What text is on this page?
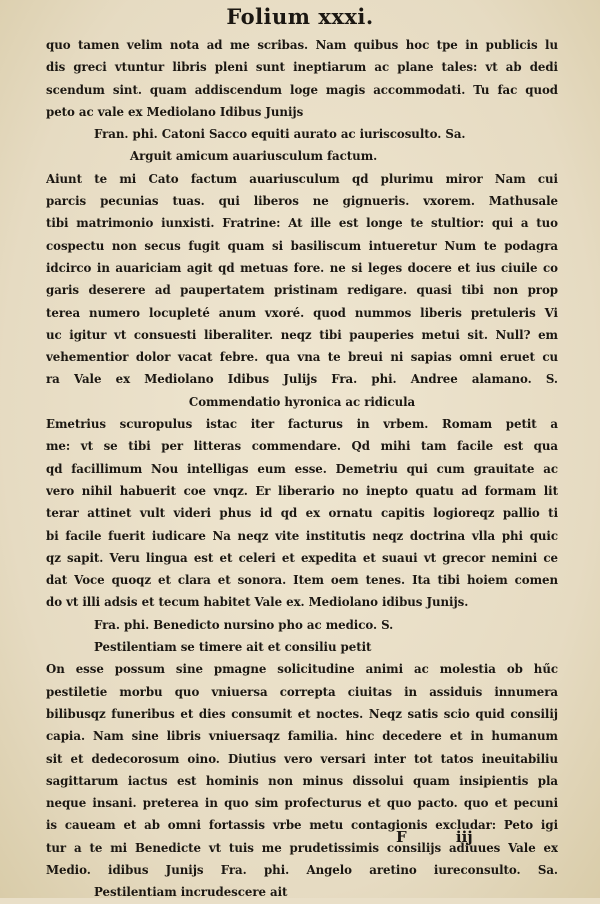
Folium xxxi.
quo tamen velim nota ad me scribas. Nam quibus hoc tpe in publicis lu
dis greci vtuntur libris pleni sunt ineptiarum ac plane tales: vt ab dedi
scendum sint. quam addiscendum loge magis accommodati. Tu fac quod
peto ac vale ex Mediolano Idibus Junijs
Fran. phi. Catoni Sacco equiti aurato ac iuriscosulto. Sa.
Arguit amicum auariusculum factum.
Aiunt te mi Cato factum auariusculum qd plurimu miror Nam cui
parcis pecunias tuas. qui liberos ne gignueris. vxorem. Mathusale
tibi matrimonio iunxisti. Fratrine: At ille est longe te stultior: qui a tuo
cospectu non secus fugit quam si basiliscum intueretur Num te podagra
idcirco in auariciam agit qd metuas fore. ne si leges docere et ius ciuile co
garis deserere ad paupertatem pristinam redigare. quasi tibi non prop
terea numero locupleté anum vxoré. quod nummos liberis pretuleris Vi
uc igitur vt consuesti liberaliter. neqz tibi pauperies metui sit. Null? em
vehementior dolor vacat febre. qua vna te breui ni sapias omni eruet cu
ra Vale ex Mediolano Idibus Julijs Fra. phi. Andree alamano. S.
Commendatio hyronica ac ridicula
Emetrius scuropulus istac iter facturus in vrbem. Romam petit a
me: vt se tibi per litteras commendare. Qd mihi tam facile est qua
qd facillimum Nou intelligas eum esse. Demetriu qui cum grauitate ac
vero nihil habuerit coe vnqz. Er liberario no inepto quatu ad formam lit
terar attinet vult videri phus id qd ex ornatu capitis logioreqz pallio ti
bi facile fuerit iudicare Na neqz vite institutis neqz doctrina vlla phi quic
qz sapit. Veru lingua est et celeri et expedita et suaui vt grecor nemini ce
dat Voce quoqz et clara et sonora. Item oem tenes. Ita tibi hoiem comen
do vt illi adsis et tecum habitet Vale ex. Mediolano idibus Junijs.
Fra. phi. Benedicto nursino pho ac medico. S.
Pestilentiam se timere ait et consiliu petit
On esse possum sine pmagne solicitudine animi ac molestia ob hűc
pestiletie morbu quo vniuersa correpta ciuitas in assiduis innumera
bilibusqz funeribus et dies consumit et noctes. Neqz satis scio quid consilij
capia. Nam sine libris vniuersaqz familia. hinc decedere et in humanum
sit et dedecorosum oino. Diutius vero versari inter tot tatos ineuitabiliu
sagittarum iactus est hominis non minus dissolui quam insipientis pla
neque insani. preterea in quo sim profecturus et quo pacto. quo et pecuni
is caueam et ab omni fortassis vrbe metu contagionis excludar: Peto igi
tur a te mi Benedicte vt tuis me prudetissimis consilijs adiuues Vale ex
Medio. idibus Junijs Fra. phi. Angelo aretino iureconsulto. Sa.
Pestilentiam incrudescere ait
F	iij
